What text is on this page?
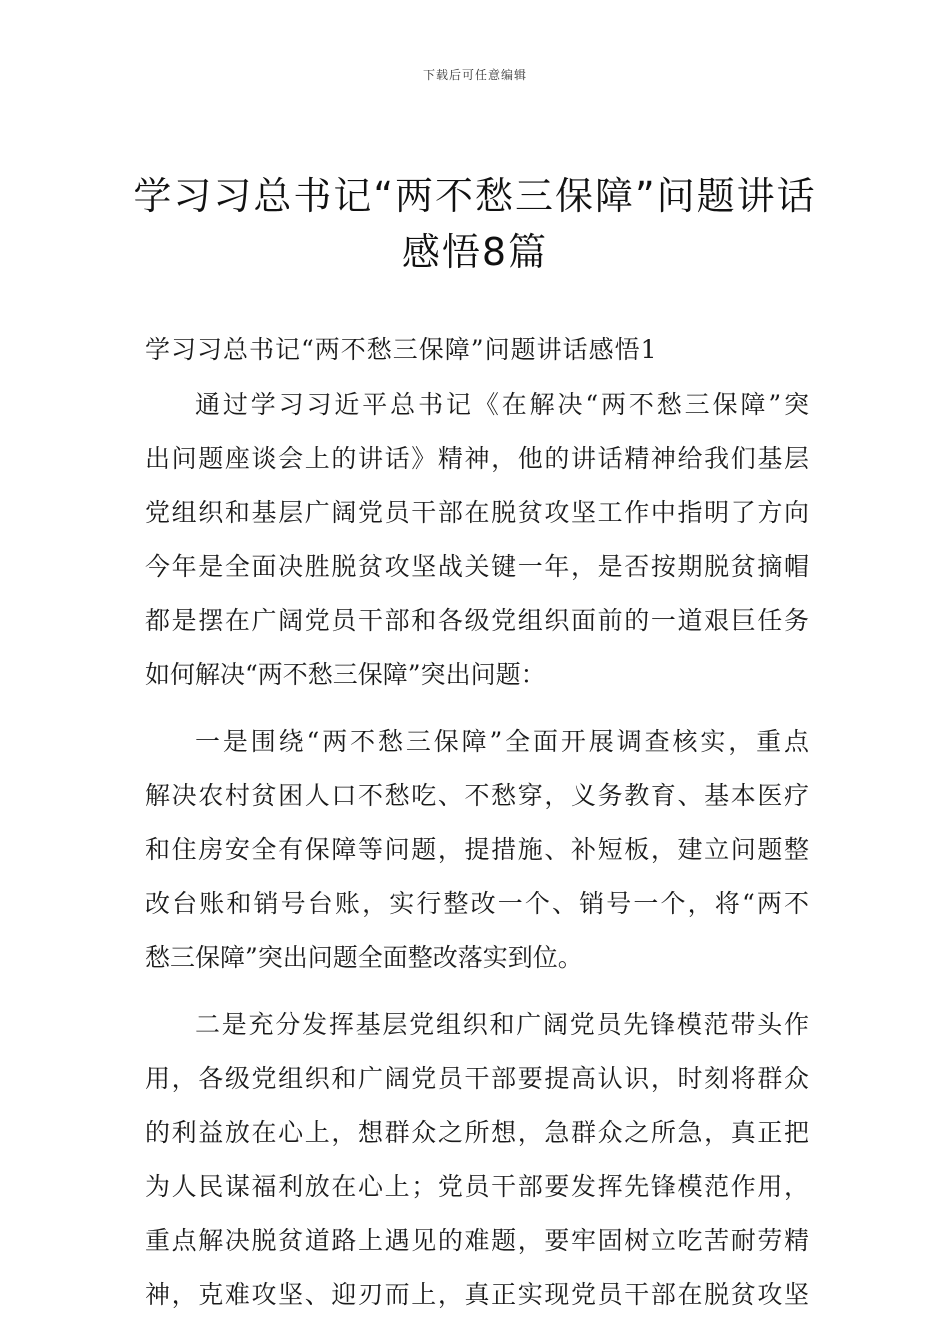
下载后可任意编辑
学习习总书记“两不愁三保障”问题讲话
感悟8篇
学习习总书记“两不愁三保障”问题讲话感悟1
通过学习习近平总书记《在解决“两不愁三保障”突
出问题座谈会上的讲话》精神，他的讲话精神给我们基层
党组织和基层广阔党员干部在脱贫攻坚工作中指明了方向
今年是全面决胜脱贫攻坚战关键一年，是否按期脱贫摘帽
都是摆在广阔党员干部和各级党组织面前的一道艰巨任务
如何解决“两不愁三保障”突出问题：
一是围绕“两不愁三保障”全面开展调查核实，重点
解决农村贫困人口不愁吃、不愁穿，义务教育、基本医疗
和住房安全有保障等问题，提措施、补短板，建立问题整
改台账和销号台账，实行整改一个、销号一个，将“两不
愁三保障”突出问题全面整改落实到位。
二是充分发挥基层党组织和广阔党员先锋模范带头作
用，各级党组织和广阔党员干部要提高认识，时刻将群众
的利益放在心上，想群众之所想，急群众之所急，真正把
为人民谋福利放在心上；党员干部要发挥先锋模范作用，
重点解决脱贫道路上遇见的难题，要牢固树立吃苦耐劳精
神，克难攻坚、迎刃而上，真正实现党员干部在脱贫攻坚
